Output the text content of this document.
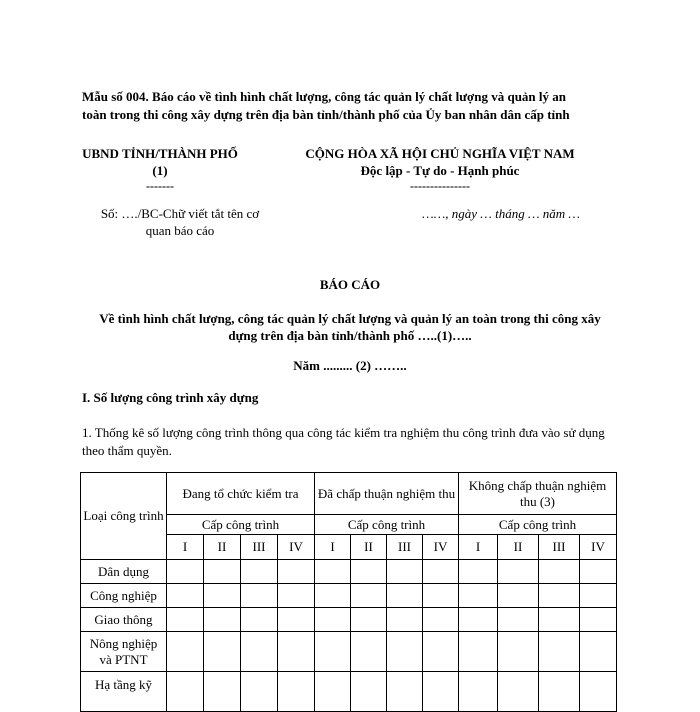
Mẫu số 004. Báo cáo về tình hình chất lượng, công tác quản lý chất lượng và quản lý an
toàn trong thi công xây dựng trên địa bàn tỉnh/thành phố của Ủy ban nhân dân cấp tỉnh
UBND TỈNH/THÀNH PHỐ
(1)
-------
CỘNG HÒA XÃ HỘI CHỦ NGHĨA VIỆT NAM
Độc lập - Tự do - Hạnh phúc
---------------
Số: …./BC-Chữ viết tắt tên cơ
quan báo cáo
……, ngày … tháng … năm …
BÁO CÁO
Về tình hình chất lượng, công tác quản lý chất lượng và quản lý an toàn trong thi công xây
dựng trên địa bàn tỉnh/thành phố …..(1)…..
Năm ......... (2) ……..
I. Số lượng công trình xây dựng
1. Thống kê số lượng công trình thông qua công tác kiểm tra nghiệm thu công trình đưa vào sử dụng theo thẩm quyền.
Loại công trình	Đang tổ chức kiểm tra				Đã chấp thuận nghiệm thu				Không chấp thuận nghiệm thu (3)			
	Cấp công trình				Cấp công trình				Cấp công trình			
	I	II	III	IV	I	II	III	IV	I	II	III	IV
Dân dụng												
Công nghiệp												
Giao thông												
Nông nghiệp và PTNT												
Hạ tầng kỹ												
